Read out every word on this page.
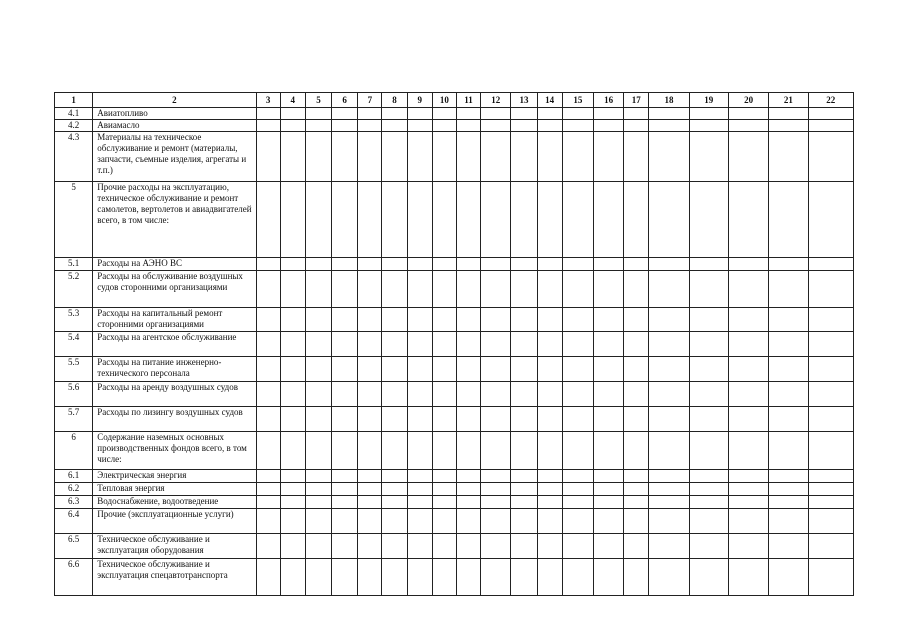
1	2	3	4	5	6	7	8	9	10	11	12	13	14	15	16	17	18	19	20	21	22
4.1	Авиатопливо																				
4.2	Авиамасло																				
4.3	Материалы на техническое обслуживание и ремонт (материалы, запчасти, съемные изделия, агрегаты и т.п.)																				
5	Прочие расходы на эксплуатацию, техническое обслуживание и ремонт самолетов, вертолетов и авиадвигателей всего, в том числе:																				
5.1	Расходы на АЭНО ВС																				
5.2	Расходы на обслуживание воздушных судов сторонними организациями																				
5.3	Расходы на капитальный ремонт сторонними организациями																				
5.4	Расходы на агентское обслуживание																				
5.5	Расходы на питание инженерно-технического персонала																				
5.6	Расходы на аренду воздушных судов																				
5.7	Расходы по лизингу воздушных судов																				
6	Содержание наземных основных производственных фондов всего, в том числе:																				
6.1	Электрическая энергия																				
6.2	Тепловая энергия																				
6.3	Водоснабжение, водоотведение																				
6.4	Прочие (эксплуатационные услуги)																				
6.5	Техническое обслуживание и эксплуатация оборудования																				
6.6	Техническое обслуживание и эксплуатация спецавтотранспорта																				
